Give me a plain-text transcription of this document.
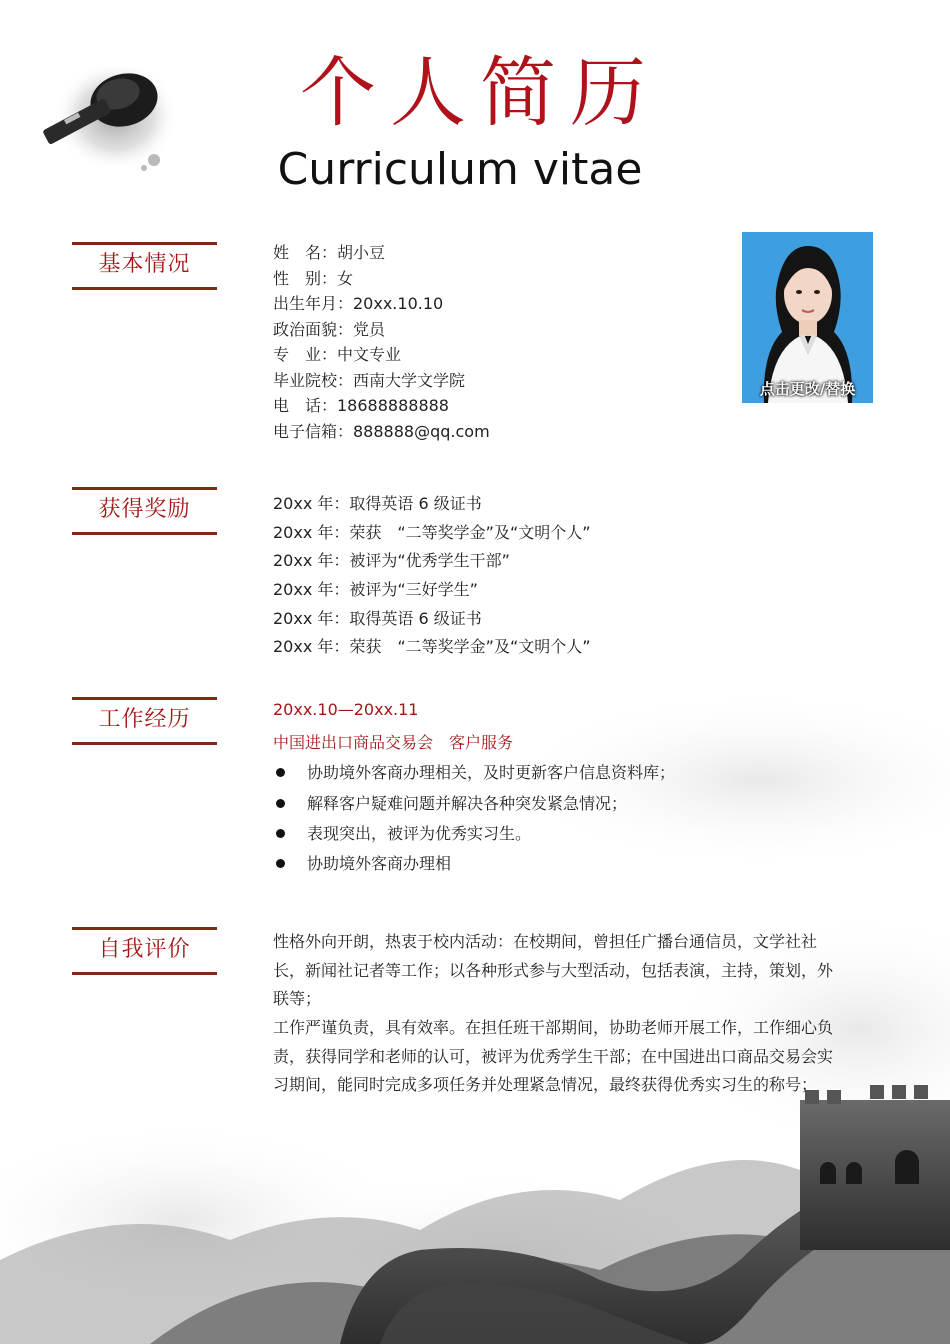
个人简历
Curriculum vitae
基本情况	姓　名：胡小豆
性　别：女
出生年月：20xx.10.10
政治面貌：党员
专　业：中文专业
毕业院校：西南大学文学院
电　话：18688888888
电子信箱：888888@qq.com
点击更改/替换
获得奖励	20xx 年：取得英语 6 级证书
20xx 年：荣获　“二等奖学金”及“文明个人”
20xx 年：被评为“优秀学生干部”
20xx 年：被评为“三好学生”
20xx 年：取得英语 6 级证书
20xx 年：荣获　“二等奖学金”及“文明个人”
工作经历	20xx.10—20xx.11
中国进出口商品交易会　客户服务
协助境外客商办理相关，及时更新客户信息资料库；
解释客户疑难问题并解决各种突发紧急情况；
表现突出，被评为优秀实习生。
协助境外客商办理相
自我评价	性格外向开朗，热衷于校内活动：在校期间，曾担任广播台通信员，文学社社长，新闻社记者等工作；以各种形式参与大型活动，包括表演，主持，策划，外联等；
工作严谨负责，具有效率。在担任班干部期间，协助老师开展工作，工作细心负责，获得同学和老师的认可，被评为优秀学生干部；在中国进出口商品交易会实习期间，能同时完成多项任务并处理紧急情况，最终获得优秀实习生的称号；
